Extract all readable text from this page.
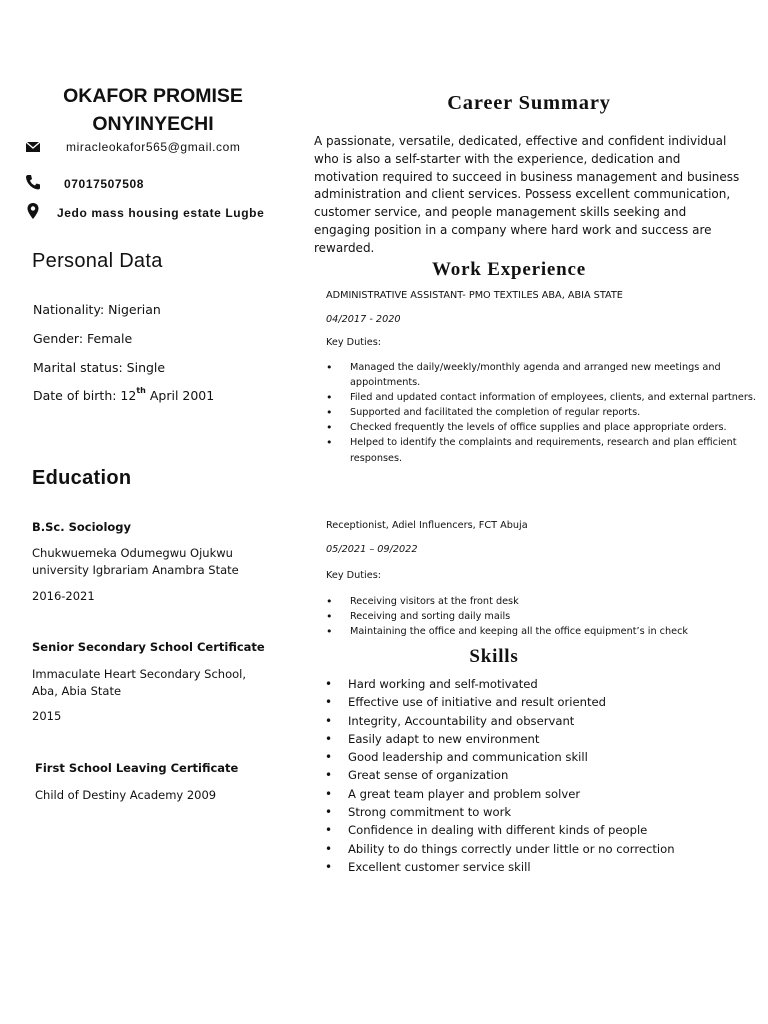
OKAFOR PROMISE
ONYINYECHI
miracleokafor565@gmail.com
07017507508
Jedo mass housing estate Lugbe
Personal Data
Nationality: Nigerian
Gender: Female
Marital status: Single
Date of birth: 12th April 2001
Education
B.Sc. Sociology
Chukwuemeka Odumegwu Ojukwu university Igbrariam Anambra State
2016-2021
Senior Secondary School Certificate
Immaculate Heart Secondary School, Aba, Abia State
2015
First School Leaving Certificate
Child of Destiny Academy 2009
Career Summary
A passionate, versatile, dedicated, effective and confident individual who is also a self-starter with the experience, dedication and motivation required to succeed in business management and business administration and client services. Possess excellent communication, customer service, and people management skills seeking and engaging position in a company where hard work and success are rewarded.
Work Experience
ADMINISTRATIVE ASSISTANT- PMO TEXTILES ABA, ABIA STATE
04/2017 - 2020
Key Duties:
• Managed the daily/weekly/monthly agenda and arranged new meetings and appointments.
• Filed and updated contact information of employees, clients, and external partners.
• Supported and facilitated the completion of regular reports.
• Checked frequently the levels of office supplies and place appropriate orders.
• Helped to identify the complaints and requirements, research and plan efficient responses.
Receptionist, Adiel Influencers, FCT Abuja
05/2021 – 09/2022
Key Duties:
• Receiving visitors at the front desk
• Receiving and sorting daily mails
• Maintaining the office and keeping all the office equipment’s in check
Skills
• Hard working and self-motivated
• Effective use of initiative and result oriented
• Integrity, Accountability and observant
• Easily adapt to new environment
• Good leadership and communication skill
• Great sense of organization
• A great team player and problem solver
• Strong commitment to work
• Confidence in dealing with different kinds of people
• Ability to do things correctly under little or no correction
• Excellent customer service skill
